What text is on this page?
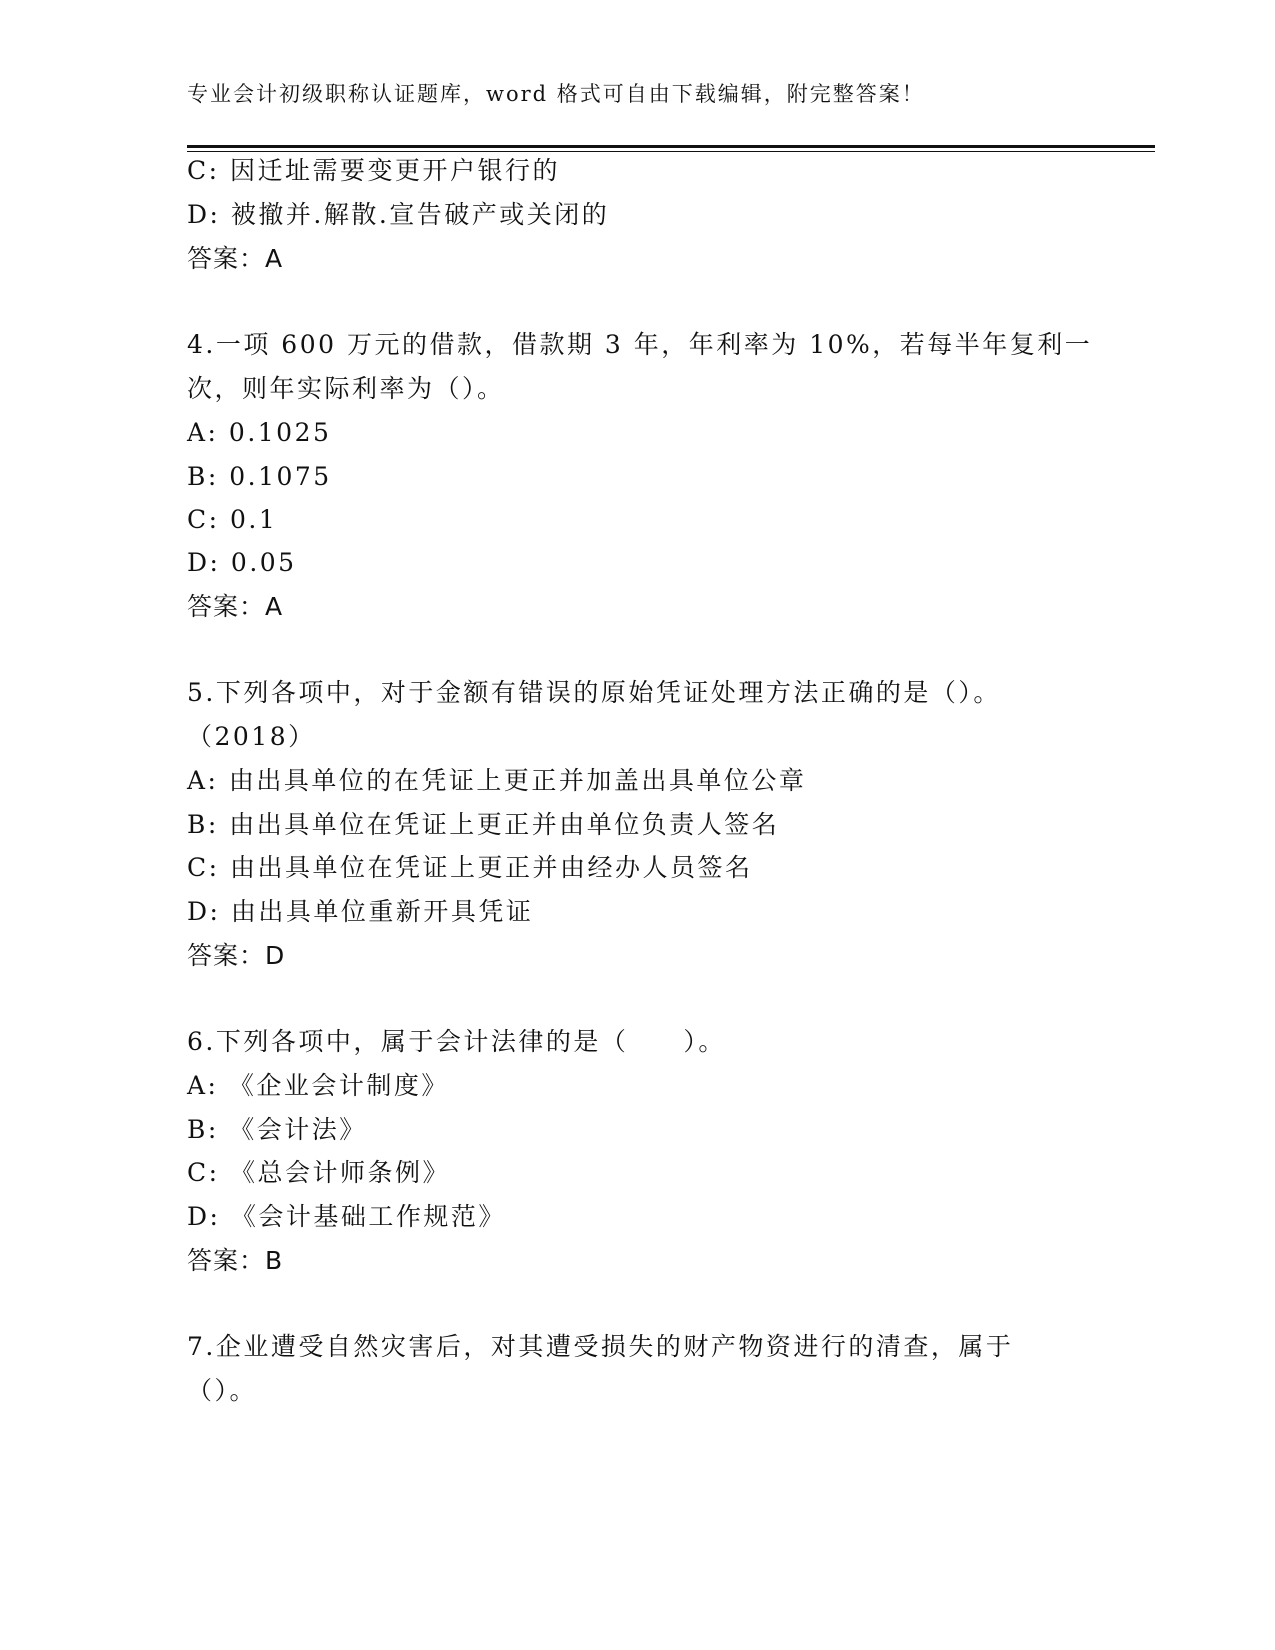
专业会计初级职称认证题库，word 格式可自由下载编辑，附完整答案！
C: 因迁址需要变更开户银行的
D: 被撤并.解散.宣告破产或关闭的
答案：A
4.一项 600 万元的借款，借款期 3 年，年利率为 10%，若每半年复利一
次，则年实际利率为（）。
A: 0.1025
B: 0.1075
C: 0.1
D: 0.05
答案：A
5.下列各项中，对于金额有错误的原始凭证处理方法正确的是（）。
（2018）
A: 由出具单位的在凭证上更正并加盖出具单位公章
B: 由出具单位在凭证上更正并由单位负责人签名
C: 由出具单位在凭证上更正并由经办人员签名
D: 由出具单位重新开具凭证
答案：D
6.下列各项中，属于会计法律的是（　　）。
A: 《企业会计制度》
B: 《会计法》
C: 《总会计师条例》
D: 《会计基础工作规范》
答案：B
7.企业遭受自然灾害后，对其遭受损失的财产物资进行的清查，属于
（）。
